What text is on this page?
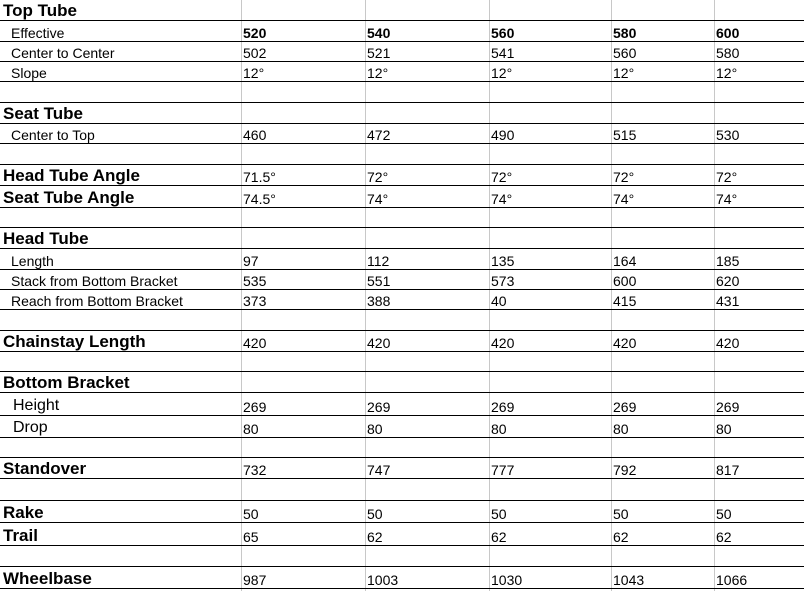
Top Tube
Effective	520	540	560	580	600
Center to Center	502	521	541	560	580
Slope	12°	12°	12°	12°	12°
Seat Tube
Center to Top	460	472	490	515	530
Head Tube Angle	71.5°	72°	72°	72°	72°
Seat Tube Angle	74.5°	74°	74°	74°	74°
Head Tube
Length	97	112	135	164	185
Stack from Bottom Bracket	535	551	573	600	620
Reach from Bottom Bracket	373	388	40	415	431
Chainstay Length	420	420	420	420	420
Bottom Bracket
Height	269	269	269	269	269
Drop	80	80	80	80	80
Standover	732	747	777	792	817
Rake	50	50	50	50	50
Trail	65	62	62	62	62
Wheelbase	987	1003	1030	1043	1066
